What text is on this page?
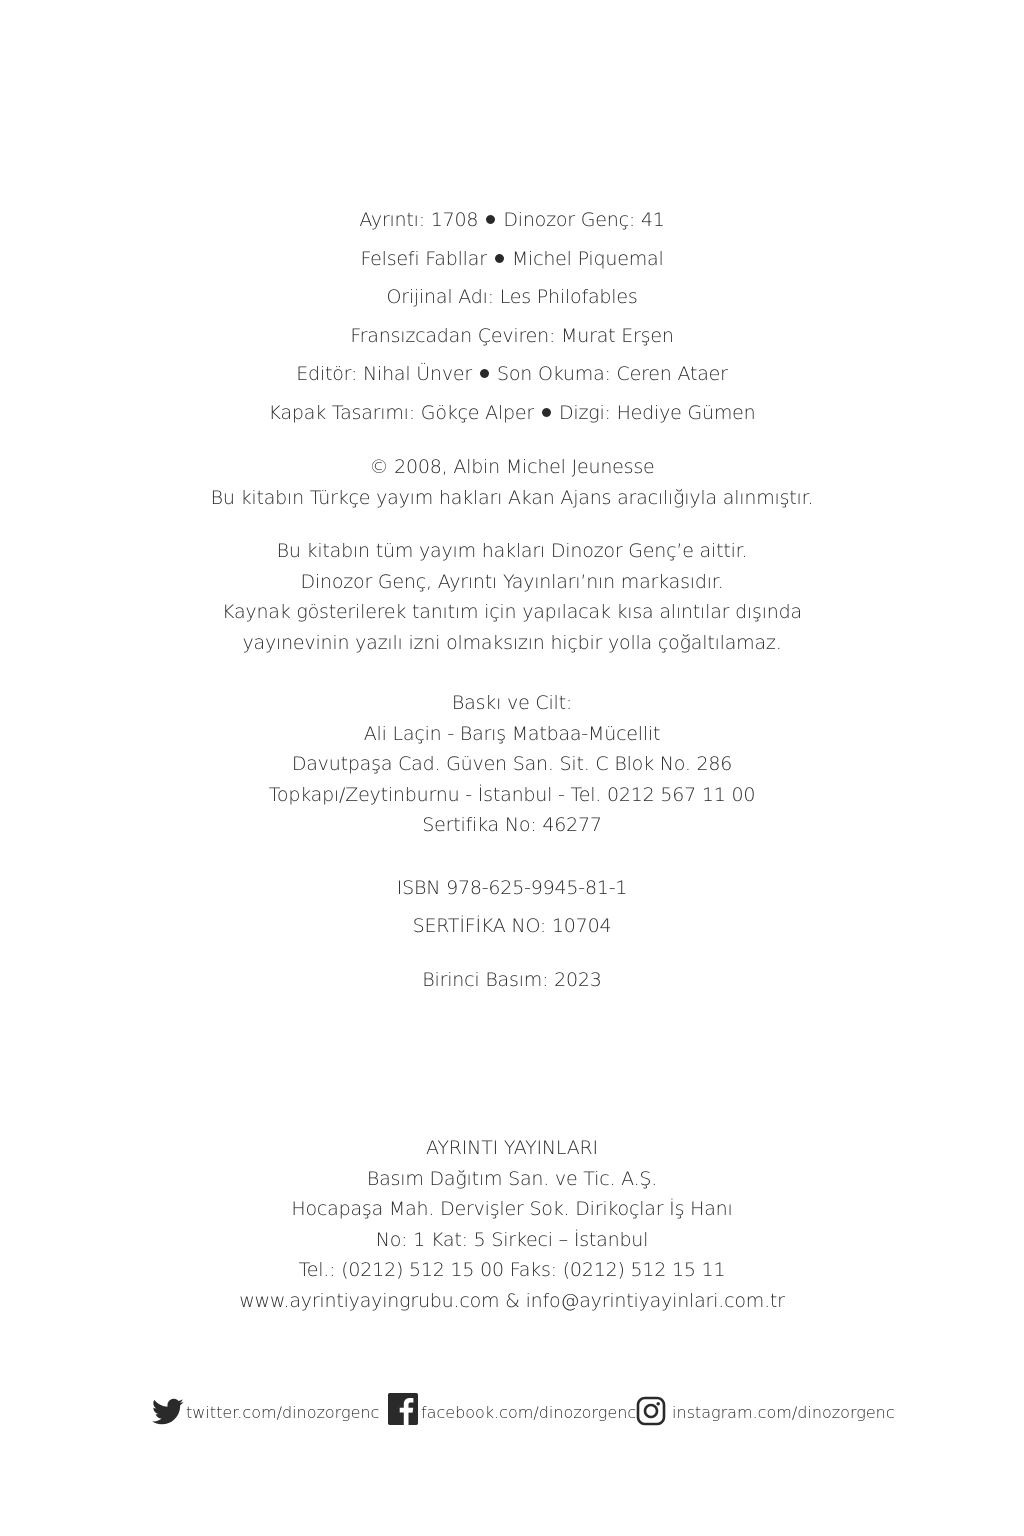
Ayrıntı: 1708 Dinozor Genç: 41
Felsefi Fabllar Michel Piquemal
Orijinal Adı: Les Philofables
Fransızcadan Çeviren: Murat Erşen
Editör: Nihal Ünver Son Okuma: Ceren Ataer
Kapak Tasarımı: Gökçe Alper Dizgi: Hediye Gümen
© 2008, Albin Michel Jeunesse
Bu kitabın Türkçe yayım hakları Akan Ajans aracılığıyla alınmıştır.
Bu kitabın tüm yayım hakları Dinozor Genç’e aittir.
Dinozor Genç, Ayrıntı Yayınları’nın markasıdır.
Kaynak gösterilerek tanıtım için yapılacak kısa alıntılar dışında
yayınevinin yazılı izni olmaksızın hiçbir yolla çoğaltılamaz.
Baskı ve Cilt:
Ali Laçin - Barış Matbaa-Mücellit
Davutpaşa Cad. Güven San. Sit. C Blok No. 286
Topkapı/Zeytinburnu - İstanbul - Tel. 0212 567 11 00
Sertifika No: 46277
ISBN 978-625-9945-81-1
SERTİFİKA NO: 10704
Birinci Basım: 2023
AYRINTI YAYINLARI
Basım Dağıtım San. ve Tic. A.Ş.
Hocapaşa Mah. Dervişler Sok. Dirikoçlar İş Hanı
No: 1 Kat: 5 Sirkeci – İstanbul
Tel.: (0212) 512 15 00 Faks: (0212) 512 15 11
www.ayrintiyayingrubu.com & info@ayrintiyayinlari.com.tr
twitter.com/dinozorgenc	facebook.com/dinozorgenc instagram.com/dinozorgenc
